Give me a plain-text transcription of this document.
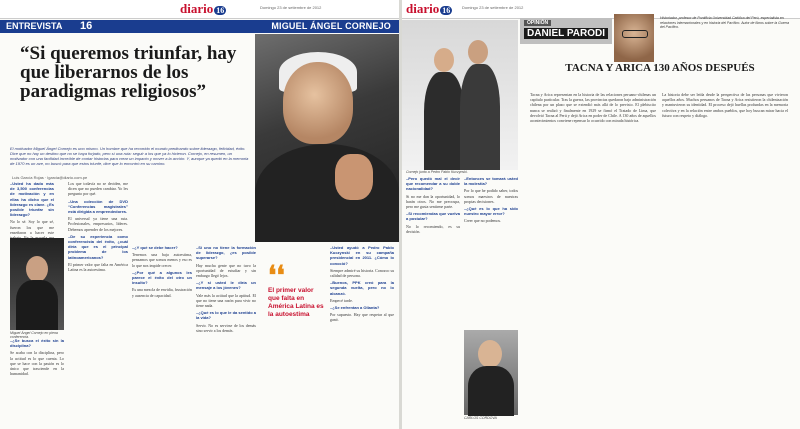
diario 16	Domingo 23 de setiembre de 2012
ENTREVISTA 16	MIGUEL ÁNGEL CORNEJO
“Si queremos triunfar, hay que liberarnos de los paradigmas religiosos”
El motivador Miguel Ángel Cornejo es uno mismo. Un hombre que ha recorrido el mundo predicando sobre liderazgo, felicidad, éxito. Dice que no hay un destino que no se haya forjado, pero sí una ruta: seguir a los que ya lo hicieron. Cornejo, en resumen, un motivador con una facilidad increíble de contar historias para crear un impacto y mover a la acción. Y, aunque ya quedó en la memoria de 1970 es un ave, no buscó para que estos triunfe, dice que lo encontró en su camino.
Luis García Rojas · lgarcia@diario.com.pe

–Usted ha dado más de 3,500 conferencias de motivación y en ellas ha dicho que el liderazgo es clave. ¿Es posible triunfar sin liderazgo?

No lo sé. Soy lo que sé, fueron los que me enseñaron a hacer este

Miguel Ángel Cornejo en plena conferencia.

–¿Se busca el éxito sin la disciplina?

Se acaba con la disciplina, pero la actitud es lo que cuenta. Lo que se hace con la pasión es lo único que trasciende en la humanidad.

Los que todavía no se deciden, me dicen que no pueden cambiar. Yo les pregunto por qué.

–Una colección de DVD “Conferencias magistrales” está dirigida a emprendedores.

El universal ya tiene una ruta. Profesionales, empresarios, líderes. Debemos aprender de los mejores.

–De su experiencia como conferencista del éxito, ¿cuál diría que es el principal problema de los latinoamericanos?

El primer valor que falta en América Latina es la autoestima.

–¿Y qué se debe hacer?

Tenemos una baja autoestima, pensamos que somos menos y eso es lo que nos impide crecer.

–¿Por qué a algunos les parece el éxito del otro un insulto?

Es una mezcla de envidia, frustración y ausencia de capacidad.

–Si uno no tiene la formación de liderazgo, ¿es posible superarse?

Hay mucha gente que no tuvo la oportunidad de estudiar y sin embargo llegó lejos.

–¿Y si usted le diría un mensaje a los jóvenes?

Vale más la actitud que la aptitud. El que no tiene una razón para vivir no tiene nada.

–¿Qué es lo que le da sentido a la vida?

Servir. No es servirse de los demás sino servir a los demás.

❛❛
El primer valor que falta en América Latina es la autoestima

–Usted ayudó a Pedro Pablo Kuczynski en su campaña presidencial en 2011. ¿Cómo lo conoció?

Siempre admiré su historia. Conozco su calidad de persona.

–Buenos, PPK creó para la segunda vuelta, pero no lo alcanzó.

Empecé tarde.

–¿Se enfrentan a Ollanta?

Por supuesto. Hay que respetar al que ganó.

diario 16	Domingo 23 de setiembre de 2012

–Pero quedó mal el decir que recomendar a su doble nacionalidad?

Si no me dan la oportunidad, lo harán otros. No me preocupa, pero me gusta sentirme parte.

–Si recomiendas que vuelva a postular?

No lo recomiendo, es su decisión.

–Entonces se tomará usted la molestia?

Por lo que he podido saber, todos somos maestros de nuestras propias decisiones.

–¿Qué es lo que ha sido nuestro mayor error?

Creer que no podemos.

CARLOS CORDOVA
Cornejo junto a Pedro Pablo Kuczynski.
OPINIÓN
DANIEL PARODI
Historiador, profesor de Pontificia Universidad Católica del Perú, especialista en relaciones internacionales y en historia del Pacífico. Autor de libros sobre la Guerra del Pacífico.
TACNA Y ARICA 130 AÑOS DESPUÉS
Tacna y Arica representan en la historia de las relaciones peruano-chilenas un capítulo particular. Tras la guerra, las provincias quedaron bajo administración chilena por un plazo que se extendió más allá de lo previsto. El plebiscito nunca se realizó y finalmente en 1929 se firmó el Tratado de Lima, que devolvió Tacna al Perú y dejó Arica en poder de Chile. A 130 años de aquellos acontecimientos conviene repensar lo ocurrido con mirada histórica.
La historia debe ser leída desde la perspectiva de las personas que vivieron aquellos años. Muchos peruanos de Tacna y Arica resistieron la chilenización y mantuvieron su identidad. El proceso dejó huellas profundas en la memoria colectiva y en la relación entre ambos pueblos, que hoy buscan mirar hacia el futuro con respeto y diálogo.
